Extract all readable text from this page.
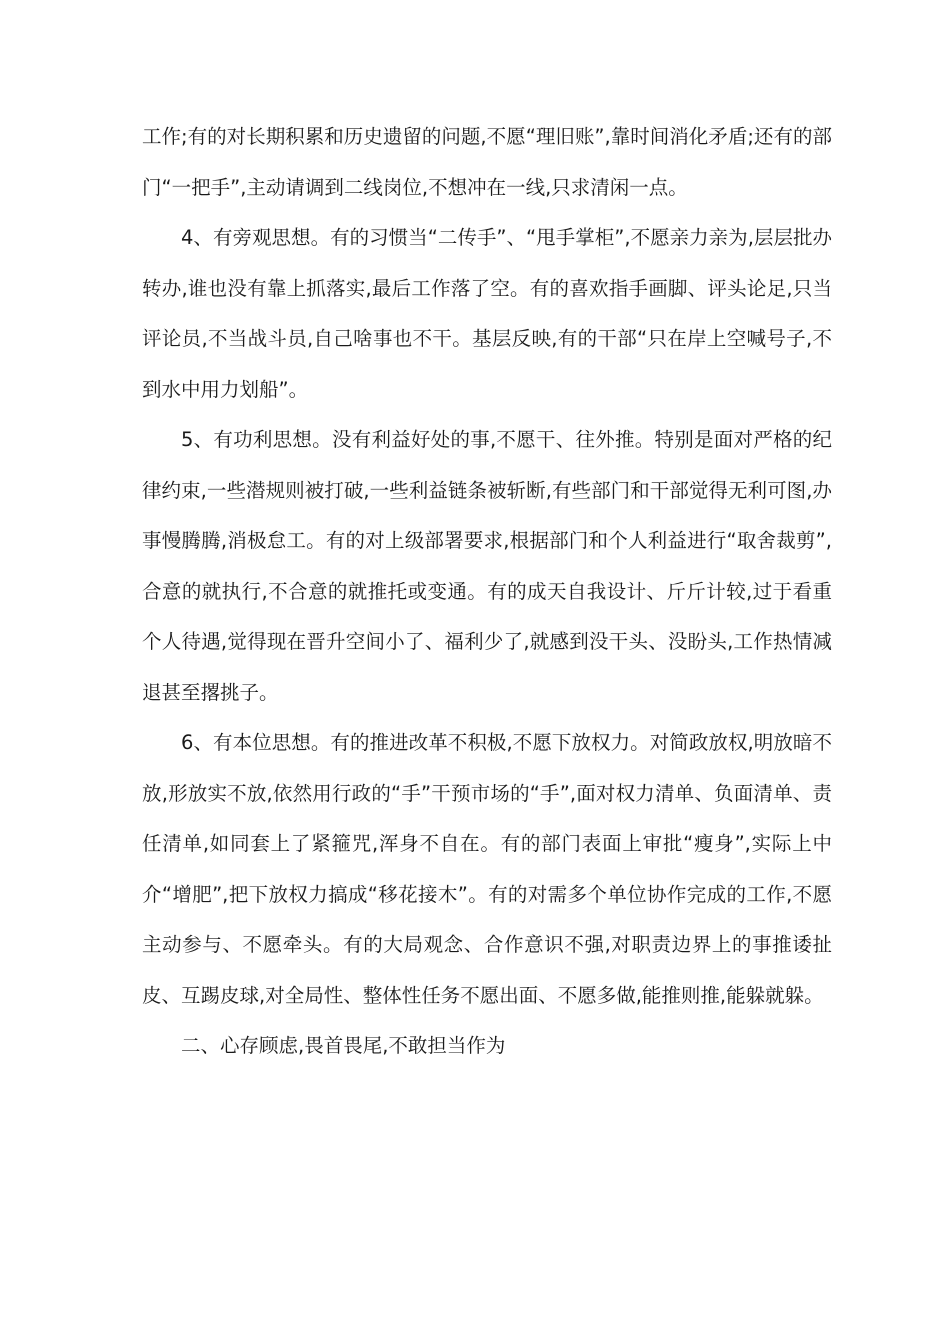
工作;有的对长期积累和历史遗留的问题,不愿“理旧账”,靠时间消化矛盾;还有的部门“一把手”,主动请调到二线岗位,不想冲在一线,只求清闲一点。

4、有旁观思想。有的习惯当“二传手”、“甩手掌柜”,不愿亲力亲为,层层批办转办,谁也没有靠上抓落实,最后工作落了空。有的喜欢指手画脚、评头论足,只当评论员,不当战斗员,自己啥事也不干。基层反映,有的干部“只在岸上空喊号子,不到水中用力划船”。

5、有功利思想。没有利益好处的事,不愿干、往外推。特别是面对严格的纪律约束,一些潜规则被打破,一些利益链条被斩断,有些部门和干部觉得无利可图,办事慢腾腾,消极怠工。有的对上级部署要求,根据部门和个人利益进行“取舍裁剪”,合意的就执行,不合意的就推托或变通。有的成天自我设计、斤斤计较,过于看重个人待遇,觉得现在晋升空间小了、福利少了,就感到没干头、没盼头,工作热情减退甚至撂挑子。

6、有本位思想。有的推进改革不积极,不愿下放权力。对简政放权,明放暗不放,形放实不放,依然用行政的“手”干预市场的“手”,面对权力清单、负面清单、责任清单,如同套上了紧箍咒,浑身不自在。有的部门表面上审批“瘦身”,实际上中介“增肥”,把下放权力搞成“移花接木”。有的对需多个单位协作完成的工作,不愿主动参与、不愿牵头。有的大局观念、合作意识不强,对职责边界上的事推诿扯皮、互踢皮球,对全局性、整体性任务不愿出面、不愿多做,能推则推,能躲就躲。

二、心存顾虑,畏首畏尾,不敢担当作为
